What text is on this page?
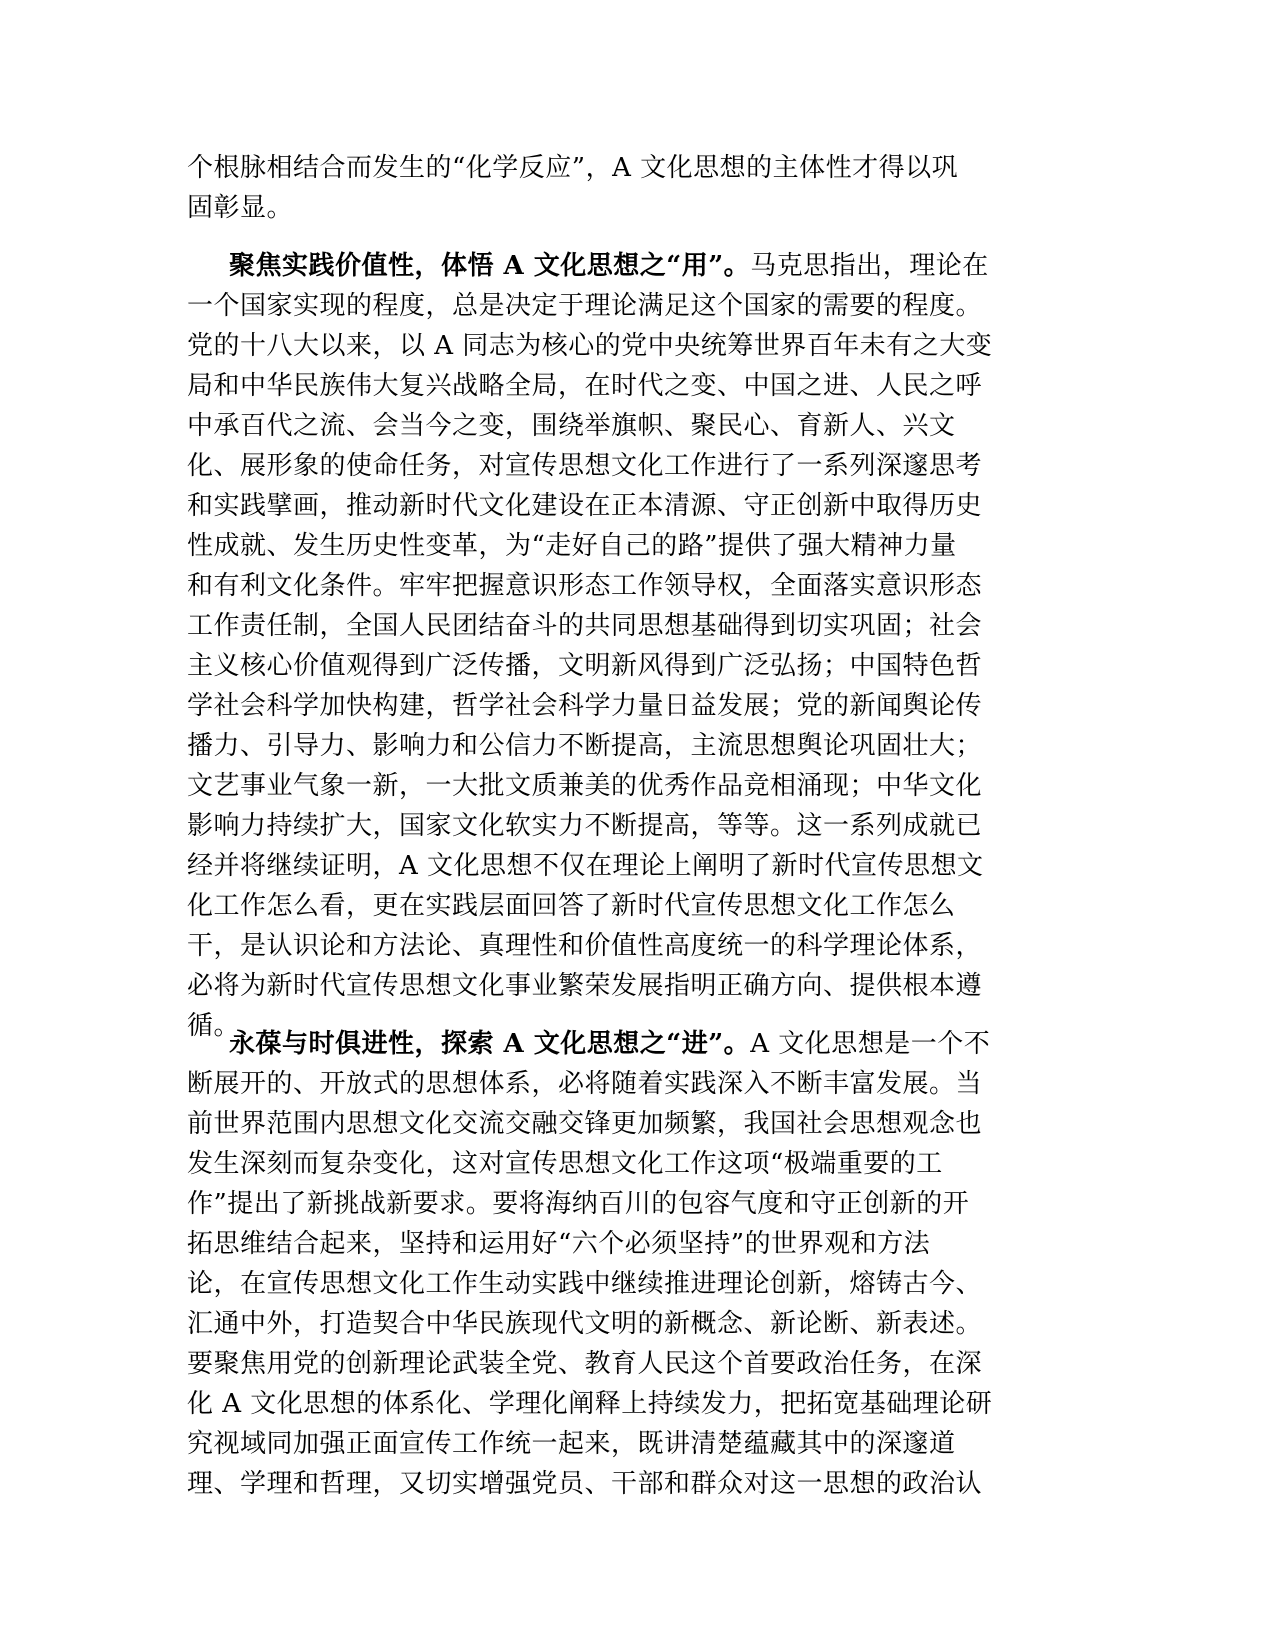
个根脉相结合而发生的“化学反应”，A 文化思想的主体性才得以巩
固彰显。

聚焦实践价值性，体悟 A 文化思想之“用”。马克思指出，理论在
一个国家实现的程度，总是决定于理论满足这个国家的需要的程度。
党的十八大以来，以 A 同志为核心的党中央统筹世界百年未有之大变
局和中华民族伟大复兴战略全局，在时代之变、中国之进、人民之呼
中承百代之流、会当今之变，围绕举旗帜、聚民心、育新人、兴文
化、展形象的使命任务，对宣传思想文化工作进行了一系列深邃思考
和实践擘画，推动新时代文化建设在正本清源、守正创新中取得历史
性成就、发生历史性变革，为“走好自己的路”提供了强大精神力量
和有利文化条件。牢牢把握意识形态工作领导权，全面落实意识形态
工作责任制，全国人民团结奋斗的共同思想基础得到切实巩固；社会
主义核心价值观得到广泛传播，文明新风得到广泛弘扬；中国特色哲
学社会科学加快构建，哲学社会科学力量日益发展；党的新闻舆论传
播力、引导力、影响力和公信力不断提高，主流思想舆论巩固壮大；
文艺事业气象一新，一大批文质兼美的优秀作品竞相涌现；中华文化
影响力持续扩大，国家文化软实力不断提高，等等。这一系列成就已
经并将继续证明，A 文化思想不仅在理论上阐明了新时代宣传思想文
化工作怎么看，更在实践层面回答了新时代宣传思想文化工作怎么
干，是认识论和方法论、真理性和价值性高度统一的科学理论体系，
必将为新时代宣传思想文化事业繁荣发展指明正确方向、提供根本遵
循。

永葆与时俱进性，探索 A 文化思想之“进”。A 文化思想是一个不
断展开的、开放式的思想体系，必将随着实践深入不断丰富发展。当
前世界范围内思想文化交流交融交锋更加频繁，我国社会思想观念也
发生深刻而复杂变化，这对宣传思想文化工作这项“极端重要的工
作”提出了新挑战新要求。要将海纳百川的包容气度和守正创新的开
拓思维结合起来，坚持和运用好“六个必须坚持”的世界观和方法
论，在宣传思想文化工作生动实践中继续推进理论创新，熔铸古今、
汇通中外，打造契合中华民族现代文明的新概念、新论断、新表述。
要聚焦用党的创新理论武装全党、教育人民这个首要政治任务，在深
化 A 文化思想的体系化、学理化阐释上持续发力，把拓宽基础理论研
究视域同加强正面宣传工作统一起来，既讲清楚蕴藏其中的深邃道
理、学理和哲理，又切实增强党员、干部和群众对这一思想的政治认
